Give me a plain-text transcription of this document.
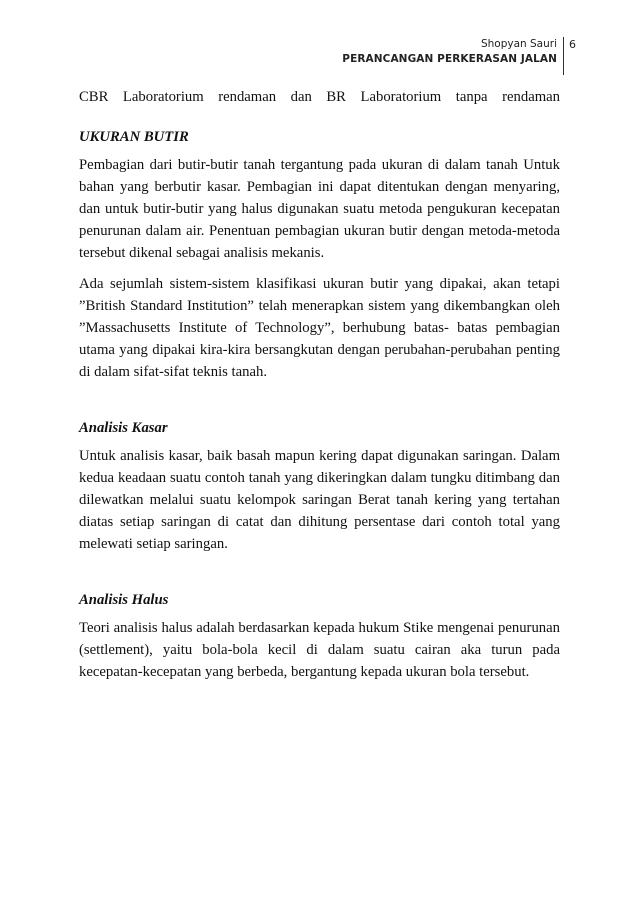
Shopyan Sauri
PERANCANGAN PERKERASAN JALAN
6

CBR Laboratorium rendaman dan BR Laboratorium tanpa rendaman

UKURAN BUTIR

Pembagian dari butir-butir tanah tergantung pada ukuran di dalam tanah Untuk bahan yang berbutir kasar. Pembagian ini dapat ditentukan dengan menyaring, dan untuk butir-butir yang halus digunakan suatu metoda pengukuran kecepatan penurunan dalam air. Penentuan pembagian ukuran butir dengan metoda-metoda tersebut dikenal sebagai analisis mekanis.

Ada sejumlah sistem-sistem klasifikasi ukuran butir yang dipakai, akan tetapi ”British Standard Institution” telah menerapkan sistem yang dikembangkan oleh ”Massachusetts Institute of Technology”, berhubung batas- batas pembagian utama yang dipakai kira-kira bersangkutan dengan perubahan-perubahan penting di dalam sifat-sifat teknis tanah.

Analisis Kasar

Untuk analisis kasar, baik basah mapun kering dapat digunakan saringan. Dalam kedua keadaan suatu contoh tanah yang dikeringkan dalam tungku ditimbang dan dilewatkan melalui suatu kelompok saringan Berat tanah kering yang tertahan diatas setiap saringan di catat dan dihitung persentase dari contoh total yang melewati setiap saringan.

Analisis Halus

Teori analisis halus adalah berdasarkan kepada hukum Stike mengenai penurunan (settlement), yaitu bola-bola kecil di dalam suatu cairan aka turun pada kecepatan-kecepatan yang berbeda, bergantung kepada ukuran bola tersebut.
